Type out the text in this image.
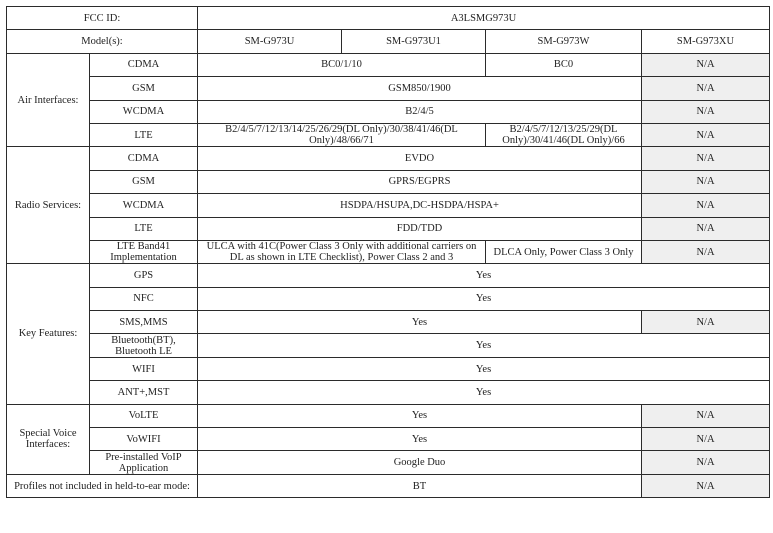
FCC ID:		A3LSMG973U			
Model(s):		SM-G973U	SM-G973U1	SM-G973W	SM-G973XU
Air Interfaces:	CDMA	BC0/1/10		BC0	N/A
	GSM	GSM850/1900			N/A
	WCDMA	B2/4/5			N/A
	LTE	B2/4/5/7/12/13/14/25/26/29(DL Only)/30/38/41/46(DL Only)/48/66/71		B2/4/5/7/12/13/25/29(DL Only)/30/41/46(DL Only)/66	N/A
Radio Services:	CDMA	EVDO			N/A
	GSM	GPRS/EGPRS			N/A
	WCDMA	HSDPA/HSUPA,DC-HSDPA/HSPA+			N/A
	LTE	FDD/TDD			N/A
	LTE Band41 Implementation	ULCA with 41C(Power Class 3 Only with additional carriers on DL as shown in LTE Checklist), Power Class 2 and 3		DLCA Only, Power Class 3 Only	N/A
Key Features:	GPS	Yes			
	NFC	Yes			
	SMS,MMS	Yes			N/A
	Bluetooth(BT), Bluetooth LE	Yes			
	WIFI	Yes			
	ANT+,MST	Yes			
Special Voice Interfaces:	VoLTE	Yes			N/A
	VoWIFI	Yes			N/A
	Pre-installed VoIP Application	Google Duo			N/A
Profiles not included in held-to-ear mode:		BT			N/A
